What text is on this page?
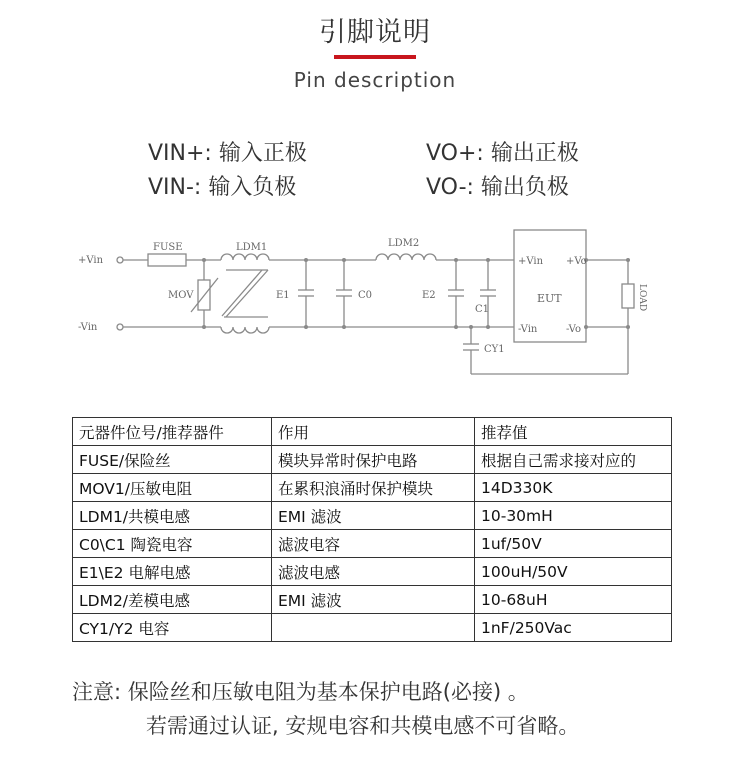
引脚说明
Pin description
VIN+: 输入正极
VIN-: 输入负极
VO+: 输出正极
VO-: 输出负极
+Vin
-Vin
FUSE	LDM1
MOV	E1	C0
LDM2
E2
C1
CY1
+Vin +Vo
EUT
-Vin	-Vo
LOAD
元器件位号/推荐器件	作用	推荐值
FUSE/保险丝	模块异常时保护电路	根据自己需求接对应的
MOV1/压敏电阻	在累积浪涌时保护模块	14D330K
LDM1/共模电感	EMI 滤波	10-30mH
C0\C1 陶瓷电容	滤波电容	1uf/50V
E1\E2 电解电感	滤波电感	100uH/50V
LDM2/差模电感	EMI 滤波	10-68uH
CY1/Y2 电容		1nF/250Vac
注意: 保险丝和压敏电阻为基本保护电路(必接) 。
若需通过认证, 安规电容和共模电感不可省略。
